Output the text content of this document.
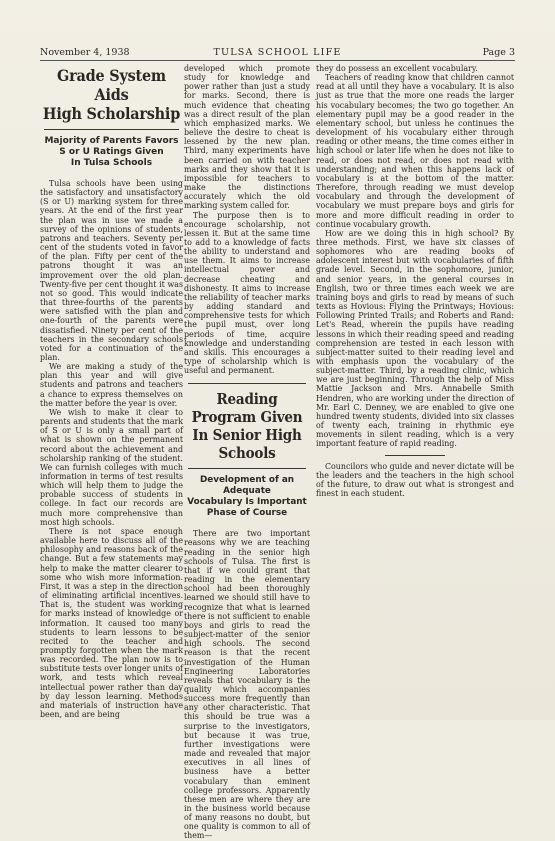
November 4, 1938	TULSA SCHOOL LIFE	Page 3
Grade System Aids
High Scholarship
Majority of Parents Favors
S or U Ratings Given
In Tulsa Schools

Tulsa schools have been using the satisfactory and unsatisfactory (S or U) marking system for three years. At the end of the first year the plan was in use we made a survey of the opinions of students, patrons and teachers. Seventy per cent of the students voted in favor of the plan. Fifty per cent of the patrons thought it was an improvement over the old plan. Twenty-five per cent thought it was not so good. This would indicate that three-fourths of the parents were satisfied with the plan and one-fourth of the parents were dissatisfied. Ninety per cent of the teachers in the secondary schools voted for a continuation of the plan.

We are making a study of the plan this year and will give students and patrons and teachers a chance to express themselves on the matter before the year is over.

We wish to make it clear to parents and students that the mark of S or U is only a small part of what is shown on the permanent record about the achievement and scholarship ranking of the student. We can furnish colleges with much information in terms of test results which will help them to judge the probable success of students in college. In fact our records are much more comprehensive than most high schools.

There is not space enough available here to discuss all of the philosophy and reasons back of the change. But a few statements may help to make the matter clearer to some who wish more information. First, it was a step in the direction of eliminating artificial incentives. That is, the student was working for marks instead of knowledge or information. It caused too many students to learn lessons to be recited to the teacher and promptly forgotten when the mark was recorded. The plan now is to substitute tests over longer units of work, and tests which reveal intellectual power rather than day by day lesson learning. Methods and materials of instruction have been, and are being

developed which promote study for knowledge and power rather than just a study for marks. Second, there is much evidence that cheating was a direct result of the plan which emphasized marks. We believe the desire to cheat is lessened by the new plan. Third, many experiments have been carried on with teacher marks and they show that it is impossible for teachers to make the distinctions accurately which the old marking system called for.

The purpose then is to encourage scholarship, not lessen it. But at the same time to add to a knowledge of facts the ability to understand and use them. It aims to increase intellectual power and decrease cheating and dishonesty. It aims to increase the reliability of teacher marks by adding standard and comprehensive tests for which the pupil must, over long periods of time, acquire knowledge and understanding and skills. This encourages a type of scholarship which is useful and permanent.

Reading Program Given
In Senior High Schools
Development of an Adequate
Vocabulary Is Important
Phase of Course

There are two important reasons why we are teaching reading in the senior high schools of Tulsa. The first is that if we could grant that reading in the elementary school had been thoroughly learned we should still have to recognize that what is learned there is not sufficient to enable boys and girls to read the subject-matter of the senior high schools. The second reason is that the recent investigation of the Human Engineering Laboratories reveals that vocabulary is the quality which accompanies success more frequently than any other characteristic. That this should be true was a surprise to the investigators, but because it was true, further investigations were made and revealed that major executives in all lines of business have a better vocabulary than eminent college professors. Apparently these men are where they are in the business world because of many reasons no doubt, but one quality is common to all of them—

they do possess an excellent vocabulary.

Teachers of reading know that children cannot read at all until they have a vocabulary. It is also just as true that the more one reads the larger his vocabulary becomes; the two go together. An elementary pupil may be a good reader in the elementary school, but unless he continues the development of his vocabulary either through reading or other means, the time comes either in high school or later life when he does not like to read, or does not read, or does not read with understanding; and when this happens lack of vocabulary is at the bottom of the matter. Therefore, through reading we must develop vocabulary and through the development of vocabulary we must prepare boys and girls for more and more difficult reading in order to continue vocabulary growth.

How are we doing this in high school? By three methods. First, we have six classes of sophomores who are reading books of adolescent interest but with vocabularies of fifth grade level. Second, in the sophomore, junior, and senior years, in the general courses in English, two or three times each week we are training boys and girls to read by means of such texts as Hovious: Flying the Printways; Hovious: Following Printed Trails; and Roberts and Rand: Let's Read, wherein the pupils have reading lessons in which their reading speed and reading comprehension are tested in each lesson with subject-matter suited to their reading level and with emphasis upon the vocabulary of the subject-matter. Third, by a reading clinic, which we are just beginning. Through the help of Miss Mattie Jackson and Mrs. Annabelle Smith Hendren, who are working under the direction of Mr. Earl C. Denney, we are enabled to give one hundred twenty students, divided into six classes of twenty each, training in rhythmic eye movements in silent reading, which is a very important feature of rapid reading.

Councilors who guide and never dictate will be the leaders and the teachers in the high school of the future, to draw out what is strongest and finest in each student.
